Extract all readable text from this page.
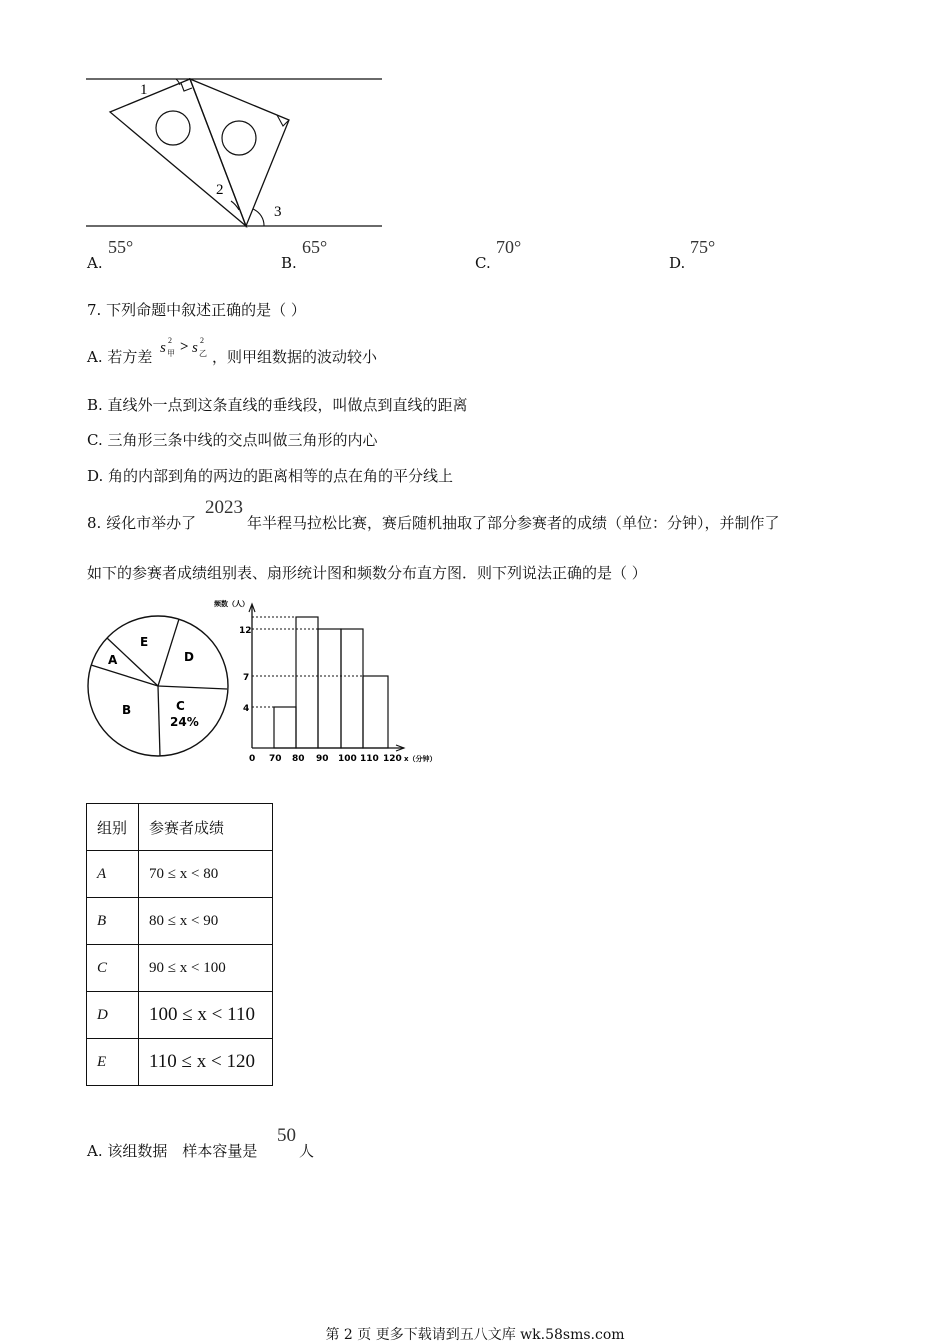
1
2
3
A.
55°
B.
65°
C.
70°
D.
75°
7. 下列命题中叙述正确的是（ ）
A. 若方差 s 2
甲 > s 2
乙 ，则甲组数据的波动较小
B. 直线外一点到这条直线的垂线段，叫做点到直线的距离
C. 三角形三条中线的交点叫做三角形的内心
D. 角的内部到角的两边的距离相等的点在角的平分线上
8. 绥化市举办了
2023
年半程马拉松比赛，赛后随机抽取了部分参赛者的成绩（单位：分钟），并制作了
如下的参赛者成绩组别表、扇形统计图和频数分布直方图．则下列说法正确的是（ ）
A
B	C
24%
D
E
频数（人）
12
7
4
0 70 80 90 100 110 120 x（分钟）
组别	参赛者成绩
A	70 ≤ x < 80
B	80 ≤ x < 90
C	90 ≤ x < 100
D	100 ≤ x < 110
E	110 ≤ x < 120
A. 该组数据　样本容量是
50
人
第 2 页 更多下载请到五八文库 wk.58sms.com
